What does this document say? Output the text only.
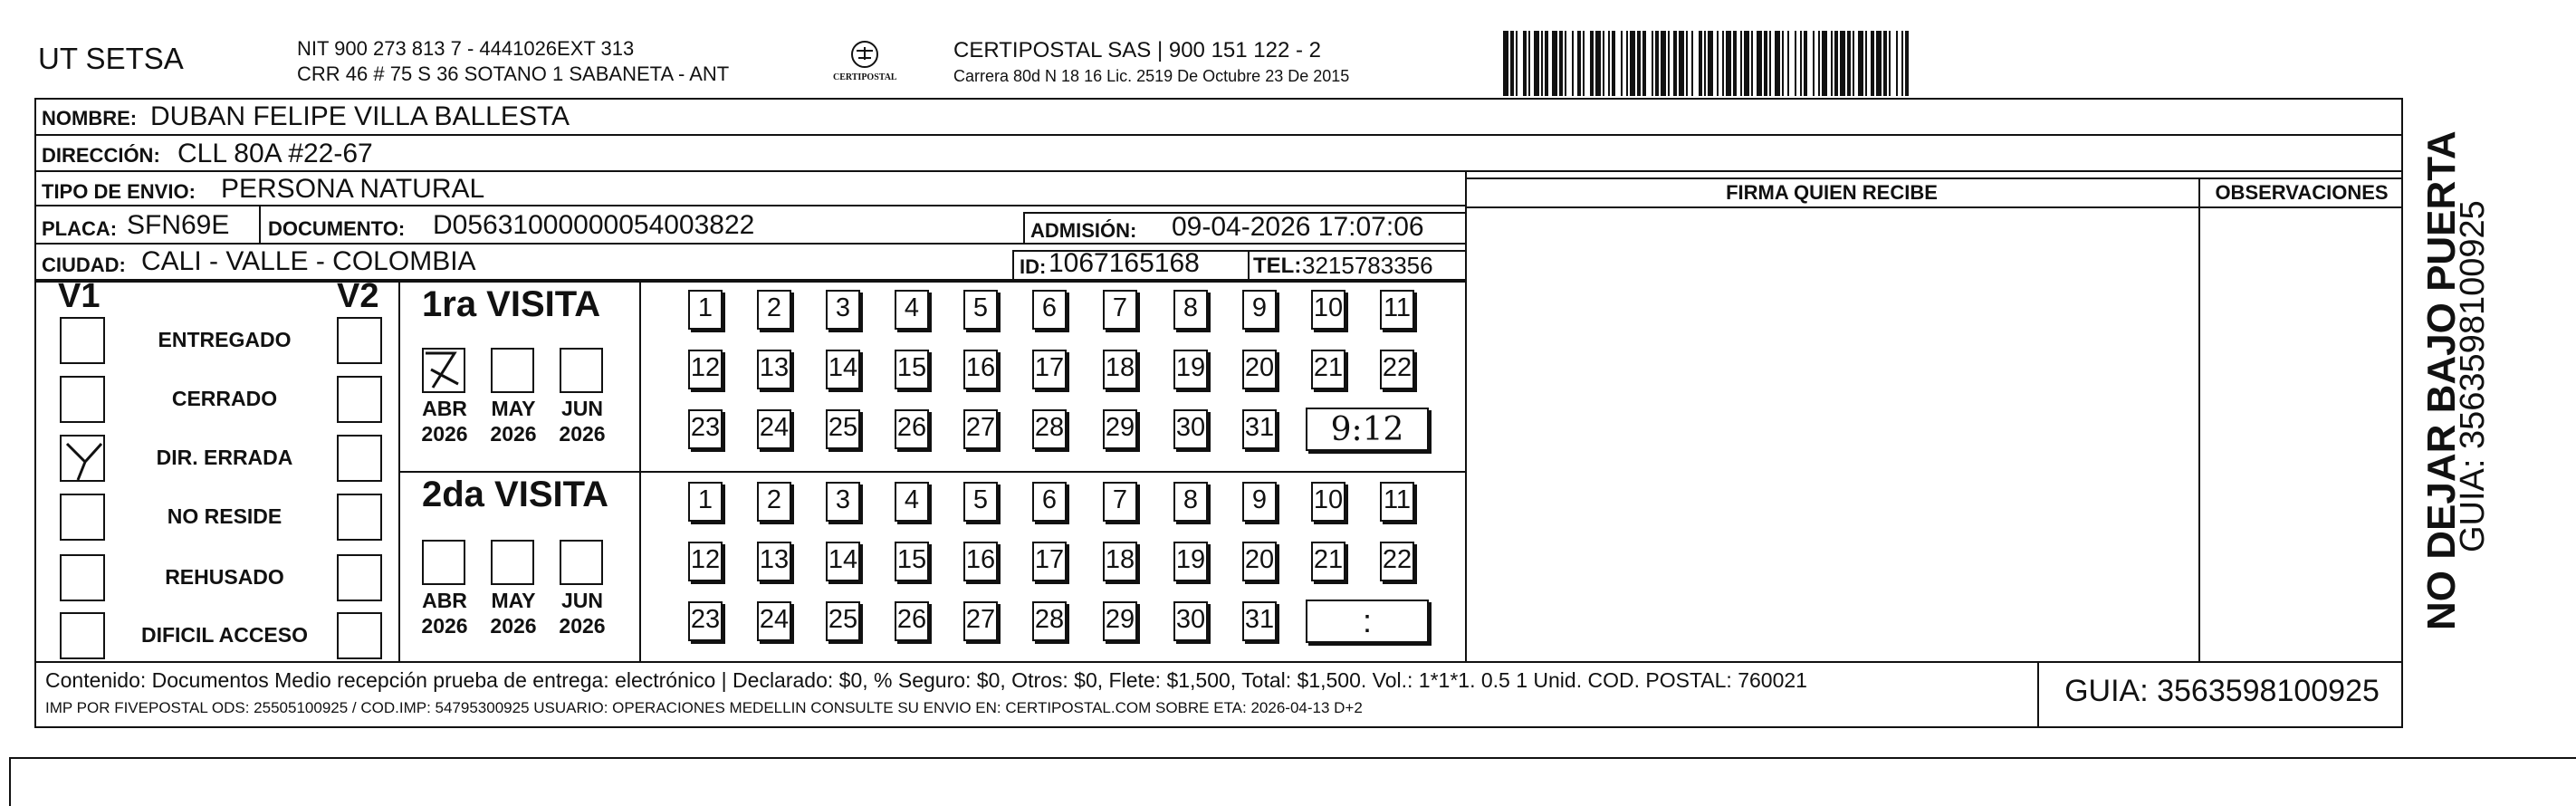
UT SETSA	NIT 900 273 813 7 - 4441026EXT 313
CRR 46 # 75 S 36 SOTANO 1 SABANETA - ANT	CERTIPOSTAL
CERTIPOSTAL SAS | 900 151 122 - 2
Carrera 80d N 18 16 Lic. 2519 De Octubre 23 De 2015
NOMBRE: DUBAN FELIPE VILLA BALLESTA
DIRECCIÓN: CLL 80A #22-67
TIPO DE ENVIO: PERSONA NATURAL
PLACA: SFN69E DOCUMENTO: D05631000000054003822	ADMISIÓN: 09-04-2026 17:07:06
CIUDAD: CALI - VALLE - COLOMBIA	ID: 1067165168 TEL: 3215783356
FIRMA QUIEN RECIBE	OBSERVACIONES
V1	V2
ENTREGADO
CERRADO
DIR. ERRADA
NO RESIDE
REHUSADO
DIFICIL ACCESO
1ra VISITA
2da VISITA
ABR
2026
MAY
2026
JUN
2026
1	2	3	4	5	6	7	8	9	10 11
12 13 14 15 16 17 18 19 20 21 22
23 24 25 26 27 28 29 30 31	9:12
ABR
2026
MAY
2026
JUN
2026
1	2	3	4	5	6	7	8	9	10 11
12 13 14 15 16 17 18 19 20 21 22
23 24 25 26 27 28 29 30 31	:
Contenido: Documentos Medio recepción prueba de entrega: electrónico | Declarado: $0, % Seguro: $0, Otros: $0, Flete: $1,500, Total: $1,500. Vol.: 1*1*1. 0.5 1 Unid. COD. POSTAL: 760021
IMP POR FIVEPOSTAL ODS: 25505100925 / COD.IMP: 54795300925 USUARIO: OPERACIONES MEDELLIN CONSULTE SU ENVIO EN: CERTIPOSTAL.COM SOBRE ETA: 2026-04-13 D+2	GUIA: 3563598100925
NO DEJAR BAJO PUERTA
GUIA: 3563598100925
